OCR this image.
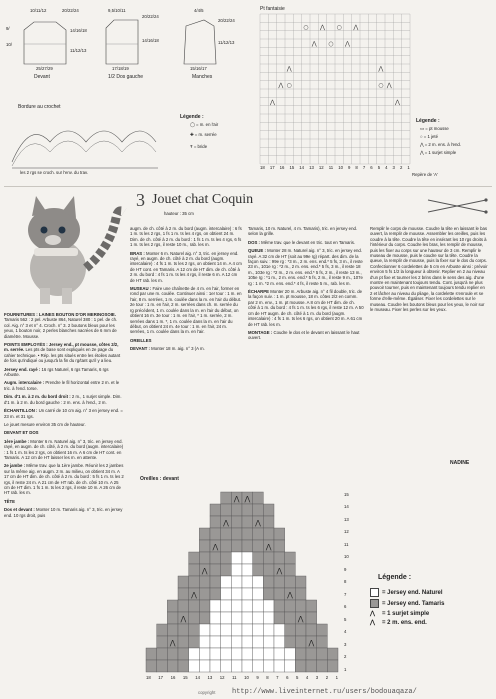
10/11/12	20/22/24
9/
10/
14/16/18
11/12/13
25/27/29
Devant
9,5/10/11
20/22/24
14/16/18
17/18/19
1/2 Dos gauche
4/4/5
20/22/24
11/12/13
15/16/17
Manches
Bordure au crochet
Légende :
◯ = m. en l'air
✚ = m. serrée
Ŧ = bride
les 2 rgs se croch. sur l'env. du trav.
Pt fantaisie
○ ⋀ ○ ⋀
⋀ ○ ⋀
⋀	⋀
⋀ ○	○ ⋀
⋀	⋀
18 17 16 15 14 13 12 11 10 9 8 7 6 5 4 3 2 1
Repère de 'A'
Légende :
▭ = pt mousse
○ = 1 jeté
⋀ = 2 m. ens. à l'end.
⋀ = 1 surjet simple
3 Jouet chat Coquin
hauteur : 35 cm

FOURNITURES : LAINES BOUTON D'OR MERINOSOIE. Tamaris 562 : 2 pel. Arbuste 864, Naturel 380 : 1 pel. de ch. col. Aig. n° 3 et n° 4. Croch. n° 3. 2 boutons bleus pour les yeux, 1 bouton noir, 2 perles blanches nacrées de 6 mm de diamètre. Mousse.

POINTS EMPLOYÉS : Jersey end., pt mousse, côtes 2/2, m. serrée. Les pts de base sont expliqués en 2e page du cahier technique. • Rép. les pts situés entre les étoiles autant de fois qu'indiqué ou jusqu'à la fin du rg/tant qu'il y a lieu.

Jersey end. rayé : 16 rgs Naturel, 6 rgs Tamaris, 6 rgs Arbuste.

Augm. intercalaire : Prendre le fil horizontal entre 2 m. et le tric. à l'end. torse.

Dim. d'1 m. à 2 m. du bord droit : 2 m., 1 surjet simple. Dim. d'1 m. à 2 m. du bord gauche : 2 m. ens. à l'end., 2 m.

ÉCHANTILLON : Un carré de 10 cm aig. n° 3 en jersey end. = 23 m. et 31 rgs.

Le jouet mesure environ 35 cm de hauteur.

DEVANT ET DOS

1ère jambe : Monter 6 m. Naturel aig. n° 3, tric. en jersey end. rayé, en augm. de ch. côté, à 2 m. du bord (augm. intercalaire) : 1 fs 1 m. ts les 2 rgs, on obtient 16 m. A 6 cm de HT cont. en Tamaris. A 12 cm de HT laisser les m. en attente.

2e jambe : Même trav. que la 1ère jambe. Réunir les 2 jambes sur la même aig. en augm. 2 m. au milieu, on obtient 34 m. A 17 cm de HT dim. de ch. côté à 2 m. du bord : 5 fs 1 m. ts les 2 rgs, il reste 24 m. A 21 cm de HT rab. de ch. côté 10 m. A 25 cm de HT dim. 1 fs 1 m. ts les 2 rgs, il reste 10 m. A 26 cm de HT rab. les m.

TÊTE

Dos et devant : Monter 10 m. Tamaris aig. n° 3, tric. en jersey end. 10 rgs droit, puis

augm. de ch. côté à 2 m. du bord (augm. intercalaire) : 6 fs 1 m. ts les 2 rgs, 1 fs 1 m. ts les 4 rgs, on obtient 24 m. Dim. de ch. côté à 2 m. du bord : 1 fs 1 m. ts les 4 rgs, 6 fs 1 m. ts les 2 rgs, il reste 10 m., rab. les m.

BRAS : Monter 6 m. Naturel aig. n° 3, tric. en jersey end. rayé, en augm. de ch. côté à 2 m. du bord (augm. intercalaire) : 4 fs 1 m. ts les 2 rgs, on obtient 14 m. A 4 cm de HT cont. en Tamaris. A 12 cm de HT dim. de ch. côté à 2 m. du bord : 4 fs 1 m. ts les 4 rgs, il reste 6 m. A 12 cm de HT rab. les m.

MUSEAU : Faire une chaînette de 4 m. en l'air, former en rond par une m. coulée. Continuer ainsi : 1er tour : 1 m. en l'air, 8 m. serrées, 1 m. coulée dans la m. en l'air du début. 2e tour : 1 m. en l'air, 2 m. serrées dans ch. m. serrée du rg précédent, 1 m. coulée dans la m. en l'air du début, on obtient 16 m. 3e tour : 1 m. en l'air, * 1 m. serrée, 2 m. serrées dans 1 m. *, 1 m. coulée dans la m. en l'air du début, on obtient 24 m. 4e tour : 1 m. en l'air, 24 m. serrées, 1 m. coulée dans la m. en l'air.

OREILLES

DEVANT : Monter 18 m. aig. n° 3 (A m.

Tamaris, 10 m. Naturel, 4 m. Tamaris), tric. en jersey end. selon la grille.

DOS : Même trav. que le devant en tric. tout en Tamaris.

QUEUE : Monter 28 m. Naturel aig. n° 3, tric. en jersey end. rayé. A 32 cm de HT (soit au 99e rg) répart. des dim. de la façon suiv. : 99e rg : *3 m., 2 m. ens. end.* 5 fs, 3 m., il reste 23 m., 101e rg : *2 m., 2 m. ens. end.* 5 fs, 3 m., il reste 18 m., 103e rg : *2 m., 2 m. ens. end.* 5 fs, 2 m., il reste 13 m., 105e rg : *1 m., 2 m. ens. end.* 5 fs, 2 m., il reste 9 m., 107e rg : 1 m. *2 m. ens. end.* 4 fs, il reste 5 m., rab. les m.

ÉCHARPE Monter 20 m. Arbuste aig. n° 4 fil double, tric. de la façon suiv. : 1 m. pt mousse, 18 m. côtes 2/2 en comm. par 2 m. env., 1 m. pt mousse. A 8 cm de HT dim. de ch. côté à 1 m. du bord : 4 fs 1 m. ts les 6 rgs, il reste 12 m. A 50 cm de HT augm. de ch. côté à 1 m. du bord (augm. intercalaire) : 4 fs 1 m. ts les 6 rgs, on obtient 20 m. A 61 cm de HT rab. les m.

MONTAGE : Coudre le dos et le devant en laissant le haut ouvert.

Remplir le corps de mousse. Coudre la tête en laissant le bas ouvert, la remplir de mousse. Assembler les oreilles, puis les coudre à la tête. Coudre la tête en insérant les 10 rgs droits à l'intérieur du corps. Coudre les bras, les remplir de mousse, puis les fixer au corps sur une hauteur de 3 cm. Remplir le museau de mousse, puis le coudre sur la tête. Coudre la queue, la remplir de mousse, puis la fixer sur le dos du corps. Confectionner 6 cordelettes de 5 cm en Arbuste ainsi : prévoir environ 5 fs 1/2 la longueur à obtenir. Replier en 2 au niveau d'un pt fixe et tourner les 2 brins dans le sens des aig. d'une montre en maintenant toujours tendu. Cont. jusqu'à ne plus pouvoir tourner, puis en maintenant toujours tendu replier en 2 et lâcher au niveau du pliage, la cordelette s'enroule et se forme d'elle-même. Égaliser. Fixer les cordelettes sur le museau. Coudre les boutons bleus pour les yeux, le noir sur le museau. Fixer les perles sur les yeux.

NADINE
Oreilles : devant
⋀ ⋀
⋀	⋀
⋀	⋀
⋀	⋀
⋀	⋀
⋀	⋀
⋀	⋀
15
14
13
12
11
10
9
8
7
6
5
4
3
2
1
18 17 16 15 14 13 12 11 10 9 8 7 6 5 4 3 2 1
Légende :
= Jersey end. Naturel
= Jersey end. Tamaris
⋀	= 1 surjet simple
⋀	= 2 m. ens. end.
copyright http://www.liveinternet.ru/users/bodouaqaza/
